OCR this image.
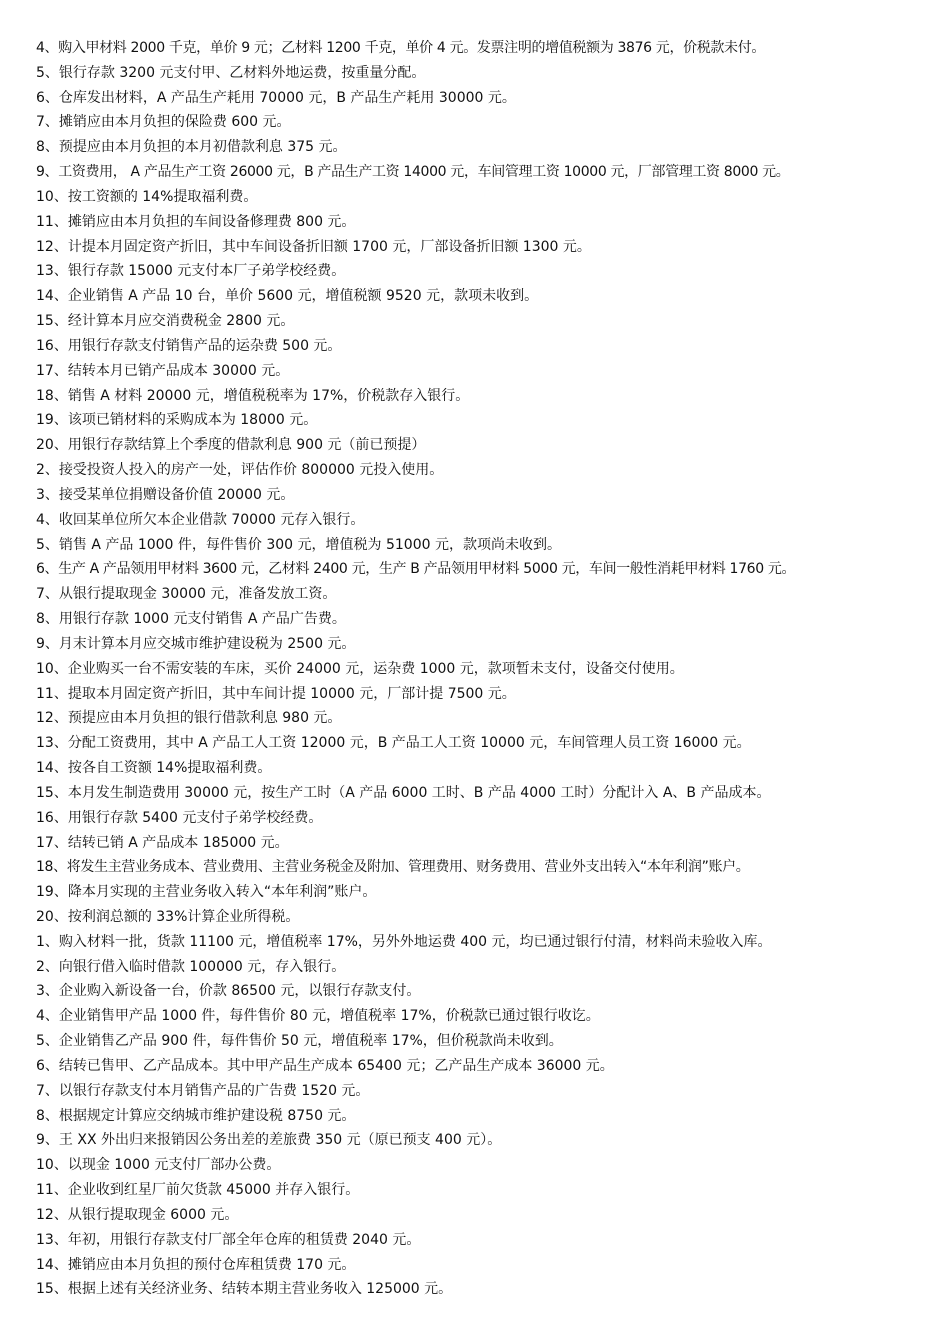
4、购入甲材料 2000 千克，单价 9 元；乙材料 1200 千克，单价 4 元。发票注明的增值税额为 3876 元，价税款未付。
5、银行存款 3200 元支付甲、乙材料外地运费，按重量分配。
6、仓库发出材料，A 产品生产耗用 70000 元，B 产品生产耗用 30000 元。
7、摊销应由本月负担的保险费 600 元。
8、预提应由本月负担的本月初借款利息 375 元。
9、工资费用， A 产品生产工资 26000 元，B 产品生产工资 14000 元，车间管理工资 10000 元，厂部管理工资 8000 元。
10、按工资额的 14%提取福利费。
11、摊销应由本月负担的车间设备修理费 800 元。
12、计提本月固定资产折旧，其中车间设备折旧额 1700 元，厂部设备折旧额 1300 元。
13、银行存款 15000 元支付本厂子弟学校经费。
14、企业销售 A 产品 10 台，单价 5600 元，增值税额 9520 元，款项未收到。
15、经计算本月应交消费税金 2800 元。
16、用银行存款支付销售产品的运杂费 500 元。
17、结转本月已销产品成本 30000 元。
18、销售 A 材料 20000 元，增值税税率为 17%，价税款存入银行。
19、该项已销材料的采购成本为 18000 元。
20、用银行存款结算上个季度的借款利息 900 元（前已预提）
2、接受投资人投入的房产一处，评估作价 800000 元投入使用。
3、接受某单位捐赠设备价值 20000 元。
4、收回某单位所欠本企业借款 70000 元存入银行。
5、销售 A 产品 1000 件，每件售价 300 元，增值税为 51000 元，款项尚未收到。
6、生产 A 产品领用甲材料 3600 元，乙材料 2400 元，生产 B 产品领用甲材料 5000 元，车间一般性消耗甲材料 1760 元。
7、从银行提取现金 30000 元，准备发放工资。
8、用银行存款 1000 元支付销售 A 产品广告费。
9、月末计算本月应交城市维护建设税为 2500 元。
10、企业购买一台不需安装的车床，买价 24000 元，运杂费 1000 元，款项暂未支付，设备交付使用。
11、提取本月固定资产折旧，其中车间计提 10000 元，厂部计提 7500 元。
12、预提应由本月负担的银行借款利息 980 元。
13、分配工资费用，其中 A 产品工人工资 12000 元，B 产品工人工资 10000 元，车间管理人员工资 16000 元。
14、按各自工资额 14%提取福利费。
15、本月发生制造费用 30000 元，按生产工时（A 产品 6000 工时、B 产品 4000 工时）分配计入 A、B 产品成本。
16、用银行存款 5400 元支付子弟学校经费。
17、结转已销 A 产品成本 185000 元。
18、将发生主营业务成本、营业费用、主营业务税金及附加、管理费用、财务费用、营业外支出转入“本年利润”账户。
19、降本月实现的主营业务收入转入“本年利润”账户。
20、按利润总额的 33%计算企业所得税。
1、购入材料一批，货款 11100 元，增值税率 17%，另外外地运费 400 元，均已通过银行付清，材料尚未验收入库。
2、向银行借入临时借款 100000 元，存入银行。
3、企业购入新设备一台，价款 86500 元，以银行存款支付。
4、企业销售甲产品 1000 件，每件售价 80 元，增值税率 17%，价税款已通过银行收讫。
5、企业销售乙产品 900 件，每件售价 50 元，增值税率 17%，但价税款尚未收到。
6、结转已售甲、乙产品成本。其中甲产品生产成本 65400 元；乙产品生产成本 36000 元。
7、以银行存款支付本月销售产品的广告费 1520 元。
8、根据规定计算应交纳城市维护建设税 8750 元。
9、王 XX 外出归来报销因公务出差的差旅费 350 元（原已预支 400 元）。
10、以现金 1000 元支付厂部办公费。
11、企业收到红星厂前欠货款 45000 并存入银行。
12、从银行提取现金 6000 元。
13、年初，用银行存款支付厂部全年仓库的租赁费 2040 元。
14、摊销应由本月负担的预付仓库租赁费 170 元。
15、根据上述有关经济业务、结转本期主营业务收入 125000 元。
